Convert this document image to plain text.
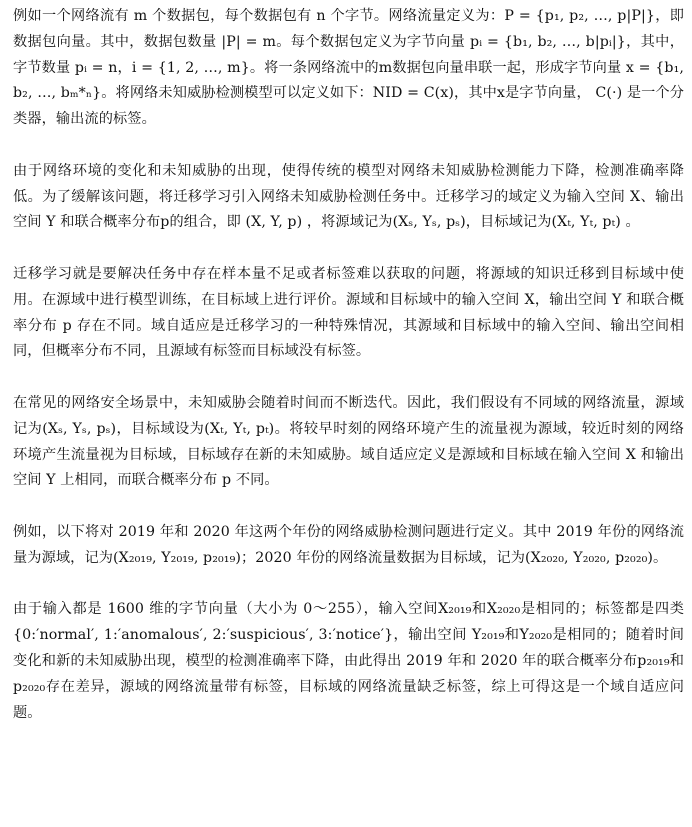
例如一个网络流有 m 个数据包，每个数据包有 n 个字节。网络流量定义为：P = {p₁, p₂, …, p|P|}，即数据包向量。其中，数据包数量 |P| = m。每个数据包定义为字节向量 pᵢ = {b₁, b₂, …, b|pᵢ|}，其中，字节数量 pᵢ = n，i = {1, 2, …, m}。将一条网络流中的m数据包向量串联一起，形成字节向量 x = {b₁, b₂, …, bₘ*ₙ}。将网络未知威胁检测模型可以定义如下：NID = C(x)，其中x是字节向量， C(·) 是一个分类器，输出流的标签。

由于网络环境的变化和未知威胁的出现，使得传统的模型对网络未知威胁检测能力下降，检测准确率降低。为了缓解该问题，将迁移学习引入网络未知威胁检测任务中。迁移学习的域定义为输入空间 X、输出空间 Y 和联合概率分布p的组合，即 (X, Y, p) ，将源域记为(Xₛ, Yₛ, pₛ)，目标域记为(Xₜ, Yₜ, pₜ) 。

迁移学习就是要解决任务中存在样本量不足或者标签难以获取的问题，将源域的知识迁移到目标域中使用。在源域中进行模型训练，在目标域上进行评价。源域和目标域中的输入空间 X，输出空间 Y 和联合概率分布 p 存在不同。域自适应是迁移学习的一种特殊情况，其源域和目标域中的输入空间、输出空间相同，但概率分布不同，且源域有标签而目标域没有标签。

在常见的网络安全场景中，未知威胁会随着时间而不断迭代。因此，我们假设有不同域的网络流量，源域记为(Xₛ, Yₛ, pₛ)，目标域设为(Xₜ, Yₜ, pₜ)。将较早时刻的网络环境产生的流量视为源域，较近时刻的网络环境产生流量视为目标域，目标域存在新的未知威胁。域自适应定义是源域和目标域在输入空间 X 和输出空间 Y 上相同，而联合概率分布 p 不同。

例如，以下将对 2019 年和 2020 年这两个年份的网络威胁检测问题进行定义。其中 2019 年份的网络流量为源域，记为(X₂₀₁₉, Y₂₀₁₉, p₂₀₁₉)；2020 年份的网络流量数据为目标域，记为(X₂₀₂₀, Y₂₀₂₀, p₂₀₂₀)。

由于输入都是 1600 维的字节向量（大小为 0～255），输入空间X₂₀₁₉和X₂₀₂₀是相同的；标签都是四类{0:′normal′, 1:′anomalous′, 2:′suspicious′, 3:′notice′}，输出空间 Y₂₀₁₉和Y₂₀₂₀是相同的；随着时间变化和新的未知威胁出现，模型的检测准确率下降，由此得出 2019 年和 2020 年的联合概率分布p₂₀₁₉和p₂₀₂₀存在差异，源域的网络流量带有标签，目标域的网络流量缺乏标签，综上可得这是一个域自适应问题。
